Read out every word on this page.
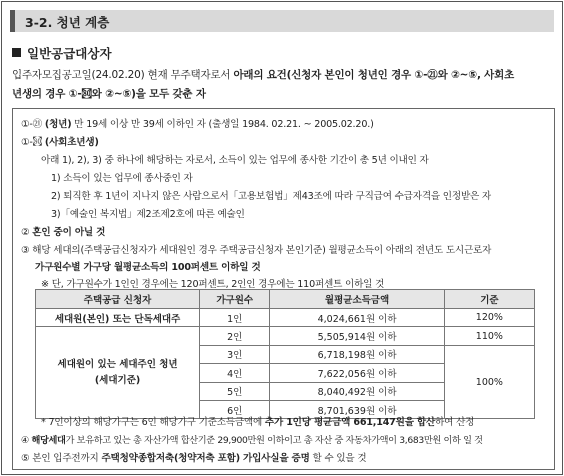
3-2. 청년 계층
일반공급대상자
입주자모집공고일(24.02.20) 현재 무주택자로서 아래의 요건(신청자 본인이 청년인 경우 ①-㉑와 ②~⑤, 사회초
년생의 경우 ①-㉏와 ②~⑤)을 모두 갖춘 자
①-㉑ (청년) 만 19세 이상 만 39세 이하인 자 (출생일 1984. 02.21. ~ 2005.02.20.)
①-㉏ (사회초년생)
아래 1), 2), 3) 중 하나에 해당하는 자로서, 소득이 있는 업무에 종사한 기간이 총 5년 이내인 자
1) 소득이 있는 업무에 종사중인 자
2) 퇴직한 후 1년이 지나지 않은 사람으로서「고용보험법」제43조에 따라 구직급여 수급자격을 인정받은 자
3)「예술인 복지법」제2조제2호에 따른 예술인
② 혼인 중이 아닐 것
③ 해당 세대의(주택공급신청자가 세대원인 경우 주택공급신청자 본인기준) 월평균소득이 아래의 전년도 도시근로자
가구원수별 가구당 월평균소득의 100퍼센트 이하일 것
※ 단, 가구원수가 1인인 경우에는 120퍼센트, 2인인 경우에는 110퍼센트 이하일 것
주택공급 신청자	가구원수	월평균소득금액	기준
세대원(본인) 또는 단독세대주	1인	4,024,661원 이하	120%
세대원이 있는 세대주인 청년
(세대기준)	2인	5,505,914원 이하	110%
	3인	6,718,198원 이하	100%
	4인	7,622,056원 이하	
	5인	8,040,492원 이하	
	6인	8,701,639원 이하	
* 7인이상의 해당가구는 6인 해당가구 기준소득금액에 추가 1인당 평균금액 661,147원을 합산하여 산정
④ 해당세대가 보유하고 있는 총 자산가액 합산기준 29,900만원 이하이고 총 자산 중 자동차가액이 3,683만원 이하 일 것
⑤ 본인 입주전까지 주택청약종합저축(청약저축 포함) 가입사실을 증명 할 수 있을 것
